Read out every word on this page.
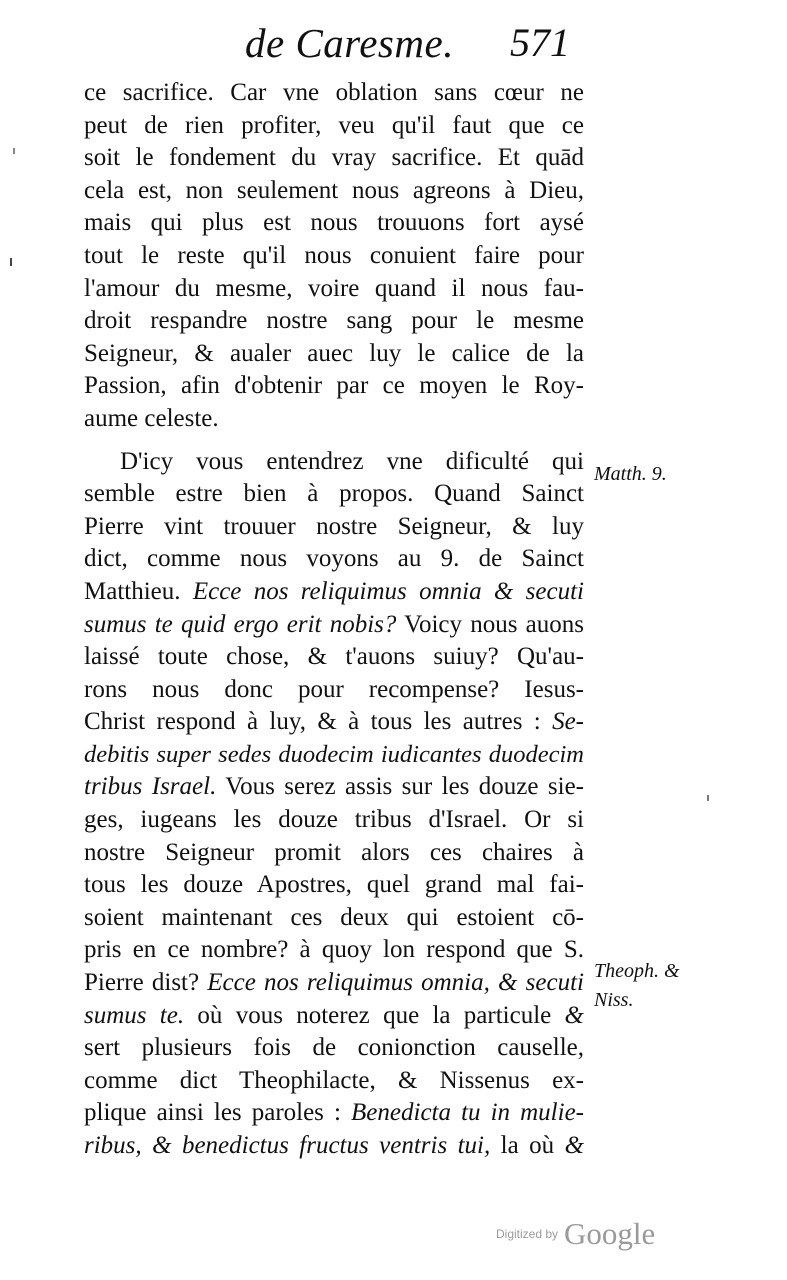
de Caresme. 571
ce sacrifice. Car vne oblation sans cœur ne
peut de rien profiter, veu qu'il faut que ce
soit le fondement du vray sacrifice. Et quād
cela est, non seulement nous agreons à Dieu,
mais qui plus est nous trouuons fort aysé
tout le reste qu'il nous conuient faire pour
l'amour du mesme, voire quand il nous fau-
droit respandre nostre sang pour le mesme
Seigneur, & aualer auec luy le calice de la
Passion, afin d'obtenir par ce moyen le Roy-
aume celeste.
D'icy vous entendrez vne dificulté qui
semble estre bien à propos. Quand Sainct
Pierre vint trouuer nostre Seigneur, & luy
dict, comme nous voyons au 9. de Sainct
Matthieu. Ecce nos reliquimus omnia & secuti
sumus te quid ergo erit nobis? Voicy nous auons
laissé toute chose, & t'auons suiuy? Qu'au-
rons nous donc pour recompense? Iesus-
Christ respond à luy, & à tous les autres : Se-
debitis super sedes duodecim iudicantes duodecim
tribus Israel. Vous serez assis sur les douze sie-
ges, iugeans les douze tribus d'Israel. Or si
nostre Seigneur promit alors ces chaires à
tous les douze Apostres, quel grand mal fai-
soient maintenant ces deux qui estoient cō-
pris en ce nombre? à quoy lon respond que S.
Pierre dist? Ecce nos reliquimus omnia, & secuti
sumus te. où vous noterez que la particule &
sert plusieurs fois de conionction causelle,
comme dict Theophilacte, & Nissenus ex-
plique ainsi les paroles : Benedicta tu in mulie-
ribus, & benedictus fructus ventris tui, la où &
Matth. 9.
Theoph. &
Niss.
Digitized by Google
